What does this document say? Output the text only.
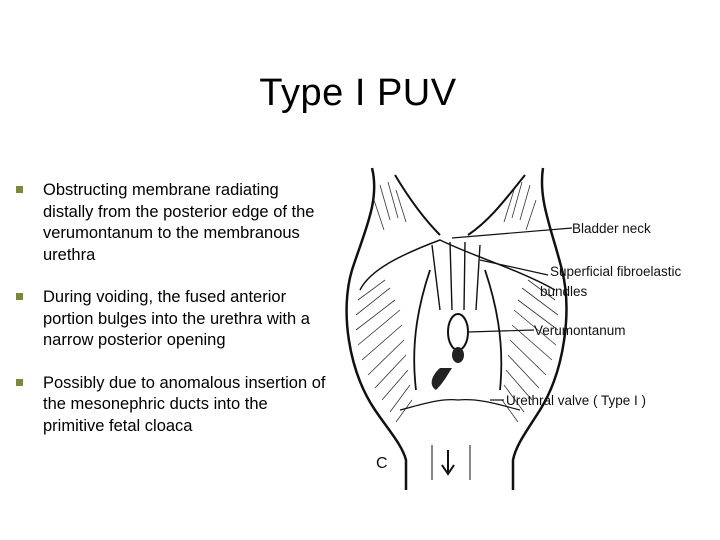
Type I PUV
Obstructing membrane radiating distally from the posterior edge of the verumontanum to the membranous urethra
During voiding, the fused anterior portion bulges into the urethra with a narrow posterior opening
Possibly due to anomalous insertion of the mesonephric ducts into the primitive fetal cloaca
Bladder neck
Superficial fibroelastic
bundles
Verumontanum
Urethral valve ( Type I )
C
